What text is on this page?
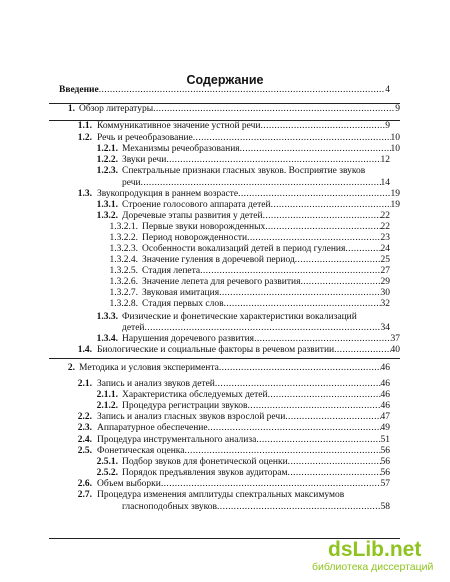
Содержание
Введение .....	4
1. Обзор литературы .....	9
1.1. Коммуникативное значение устной речи .....	9
1.2. Речь и речеобразование .....	10
1.2.1. Механизмы речеобразования .....	10
1.2.2. Звуки речи .....	12
1.2.3. Спектральные признаки гласных звуков. Восприятие звуков
речи .....	14
1.3. Звукопродукция в раннем возрасте .....	19
1.3.1. Строение голосового аппарата детей .....	19
1.3.2. Доречевые этапы развития у детей .....	22
1.3.2.1. Первые звуки новорожденных .....	22
1.3.2.2. Период новорожденности .....	23
1.3.2.3. Особенности вокализаций детей в период гуления .....	24
1.3.2.4. Значение гуления в доречевой период .....	25
1.3.2.5. Стадия лепета .....	27
1.3.2.6. Значение лепета для речевого развития .....	29
1.3.2.7. Звуковая имитация .....	30
1.3.2.8. Стадия первых слов .....	32
1.3.3. Физические и фонетические характеристики вокализаций
детей .....	34
1.3.4. Нарушения доречевого развития .....	37
1.4. Биологические и социальные факторы в речевом развитии .....	40
2. Методика и условия эксперимента .....	46
2.1. Запись и анализ звуков детей .....	46
2.1.1. Характеристика обследуемых детей .....	46
2.1.2. Процедура регистрации звуков .....	46
2.2. Запись и анализ гласных звуков взрослой речи .....	47
2.3. Аппаратурное обеспечение .....	49
2.4. Процедура инструментального анализа .....	51
2.5. Фонетическая оценка .....	56
2.5.1. Подбор звуков для фонетической оценки .....	56
2.5.2. Порядок предъявления звуков аудиторам .....	56
2.6. Объем выборки .....	57
2.7. Процедура изменения амплитуды спектральных максимумов
гласноподобных звуков .....	58
dsLib.net
библиотека диссертаций
